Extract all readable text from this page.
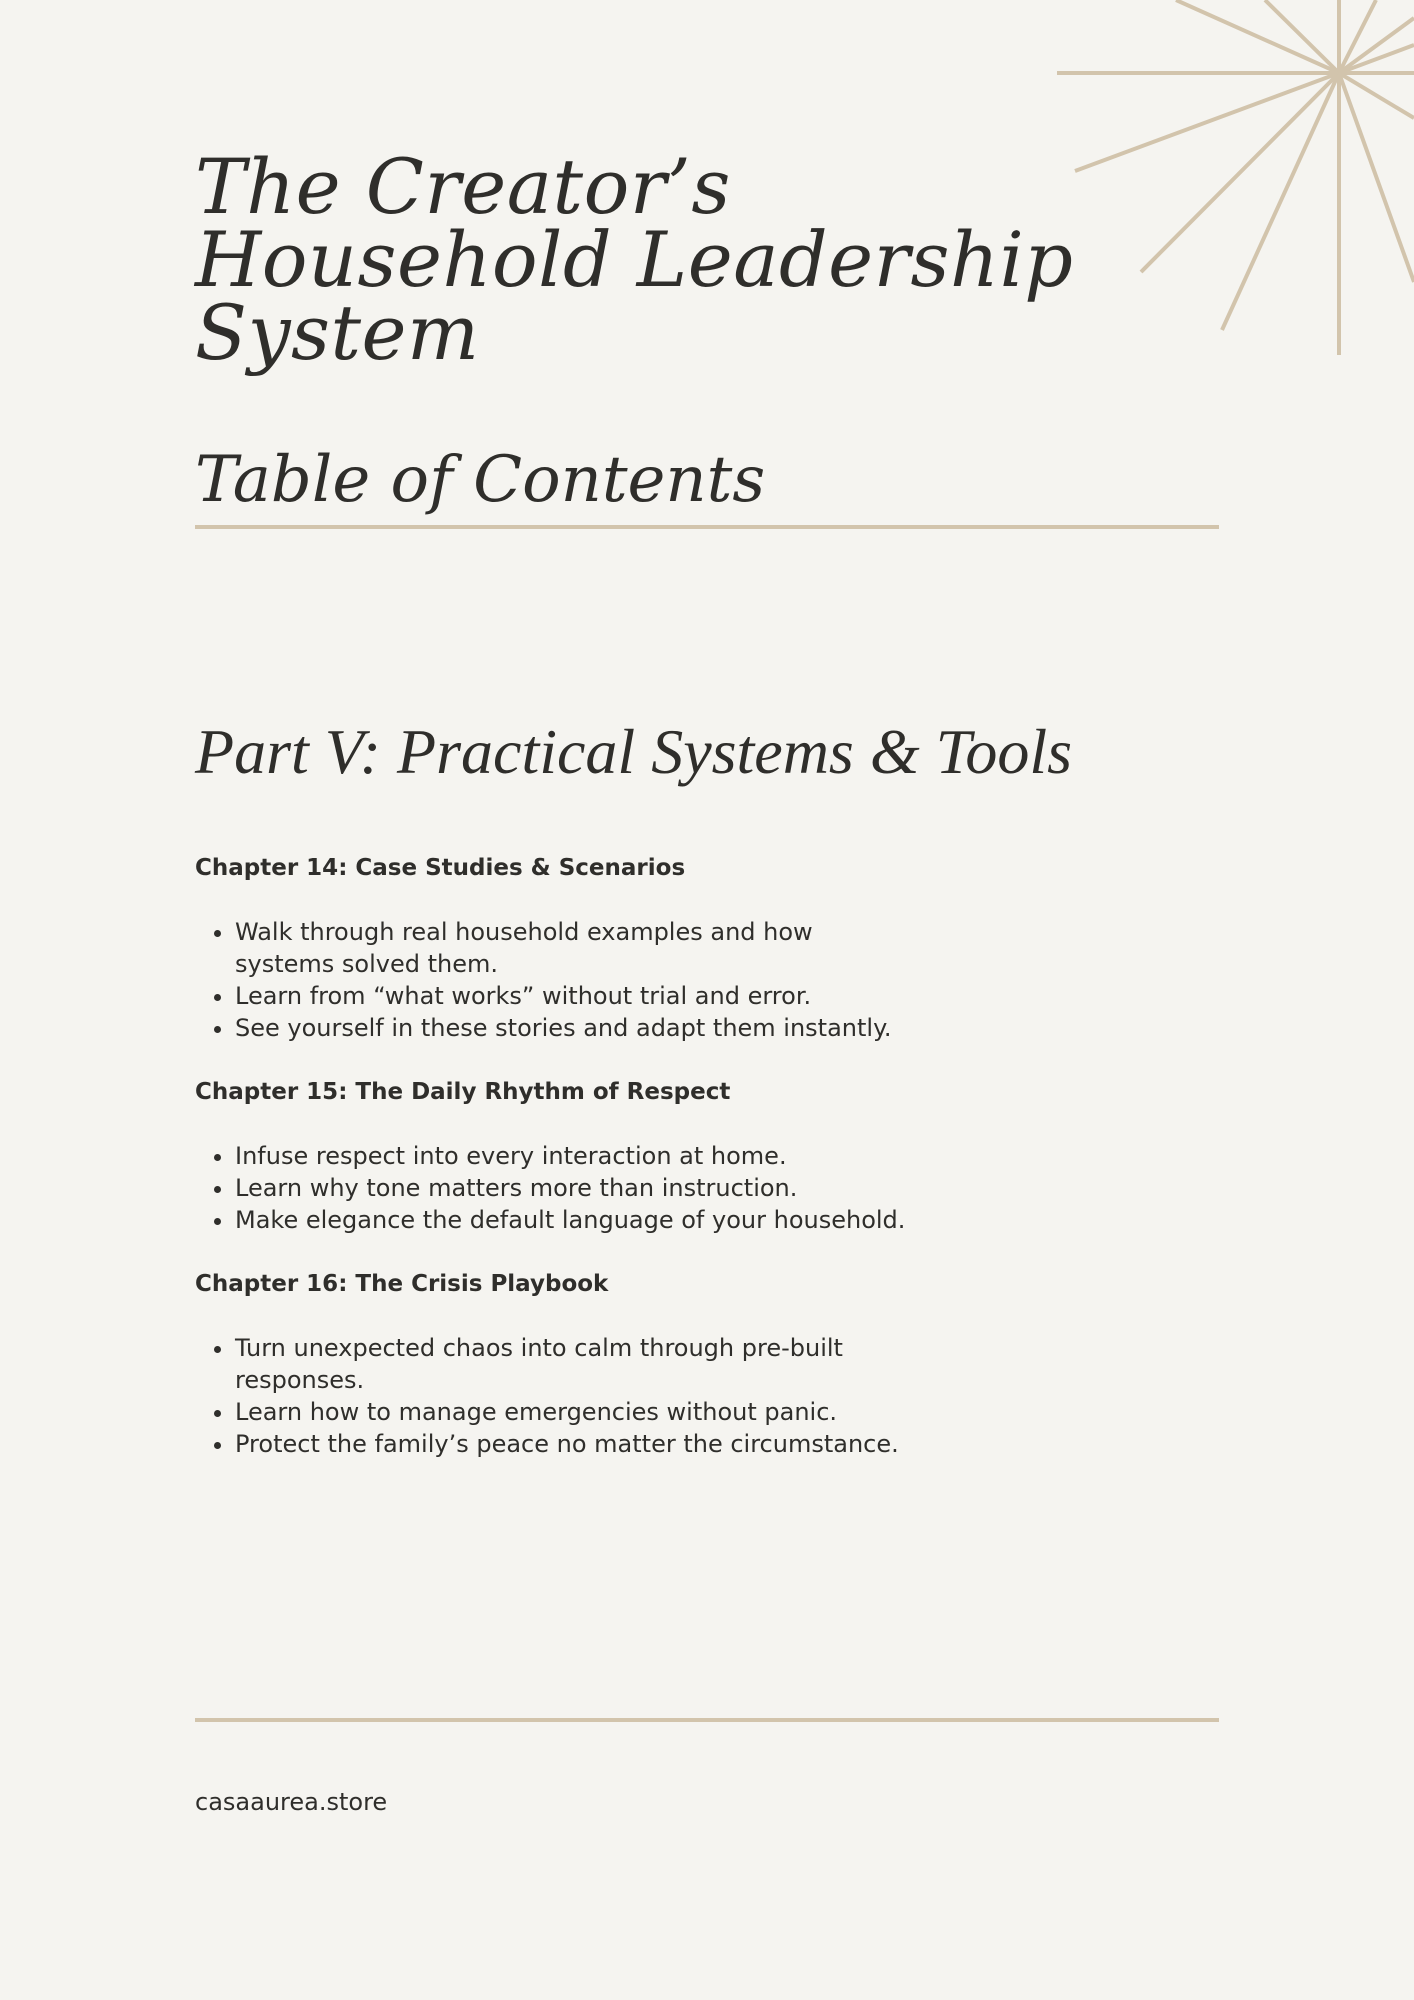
The Creator’s
Household Leadership
System
Table of Contents
Part V: Practical Systems & Tools

Chapter 14: Case Studies & Scenarios

• Walk through real household examples and how systems solved them.
• Learn from “what works” without trial and error.
• See yourself in these stories and adapt them instantly.

Chapter 15: The Daily Rhythm of Respect

• Infuse respect into every interaction at home.
• Learn why tone matters more than instruction.
• Make elegance the default language of your household.

Chapter 16: The Crisis Playbook

• Turn unexpected chaos into calm through pre-built responses.
• Learn how to manage emergencies without panic.
• Protect the family’s peace no matter the circumstance.
casaaurea.store
